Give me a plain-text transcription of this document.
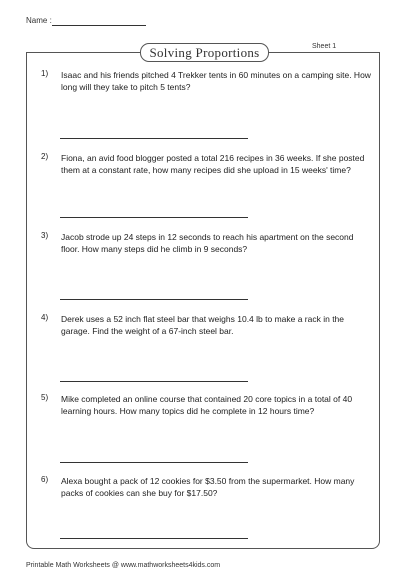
Name :
Solving Proportions	Sheet 1
1) Isaac and his friends pitched 4 Trekker tents in 60 minutes on a camping site. How long will they take to pitch 5 tents?
2) Fiona, an avid food blogger posted a total 216 recipes in 36 weeks. If she posted them at a constant rate, how many recipes did she upload in 15 weeks' time?
3) Jacob strode up 24 steps in 12 seconds to reach his apartment on the second floor. How many steps did he climb in 9 seconds?
4) Derek uses a 52 inch flat steel bar that weighs 10.4 lb to make a rack in the garage. Find the weight of a 67-inch steel bar.
5) Mike completed an online course that contained 20 core topics in a total of 40 learning hours. How many topics did he complete in 12 hours time?
6) Alexa bought a pack of 12 cookies for $3.50 from the supermarket. How many packs of cookies can she buy for $17.50?
Printable Math Worksheets @ www.mathworksheets4kids.com
